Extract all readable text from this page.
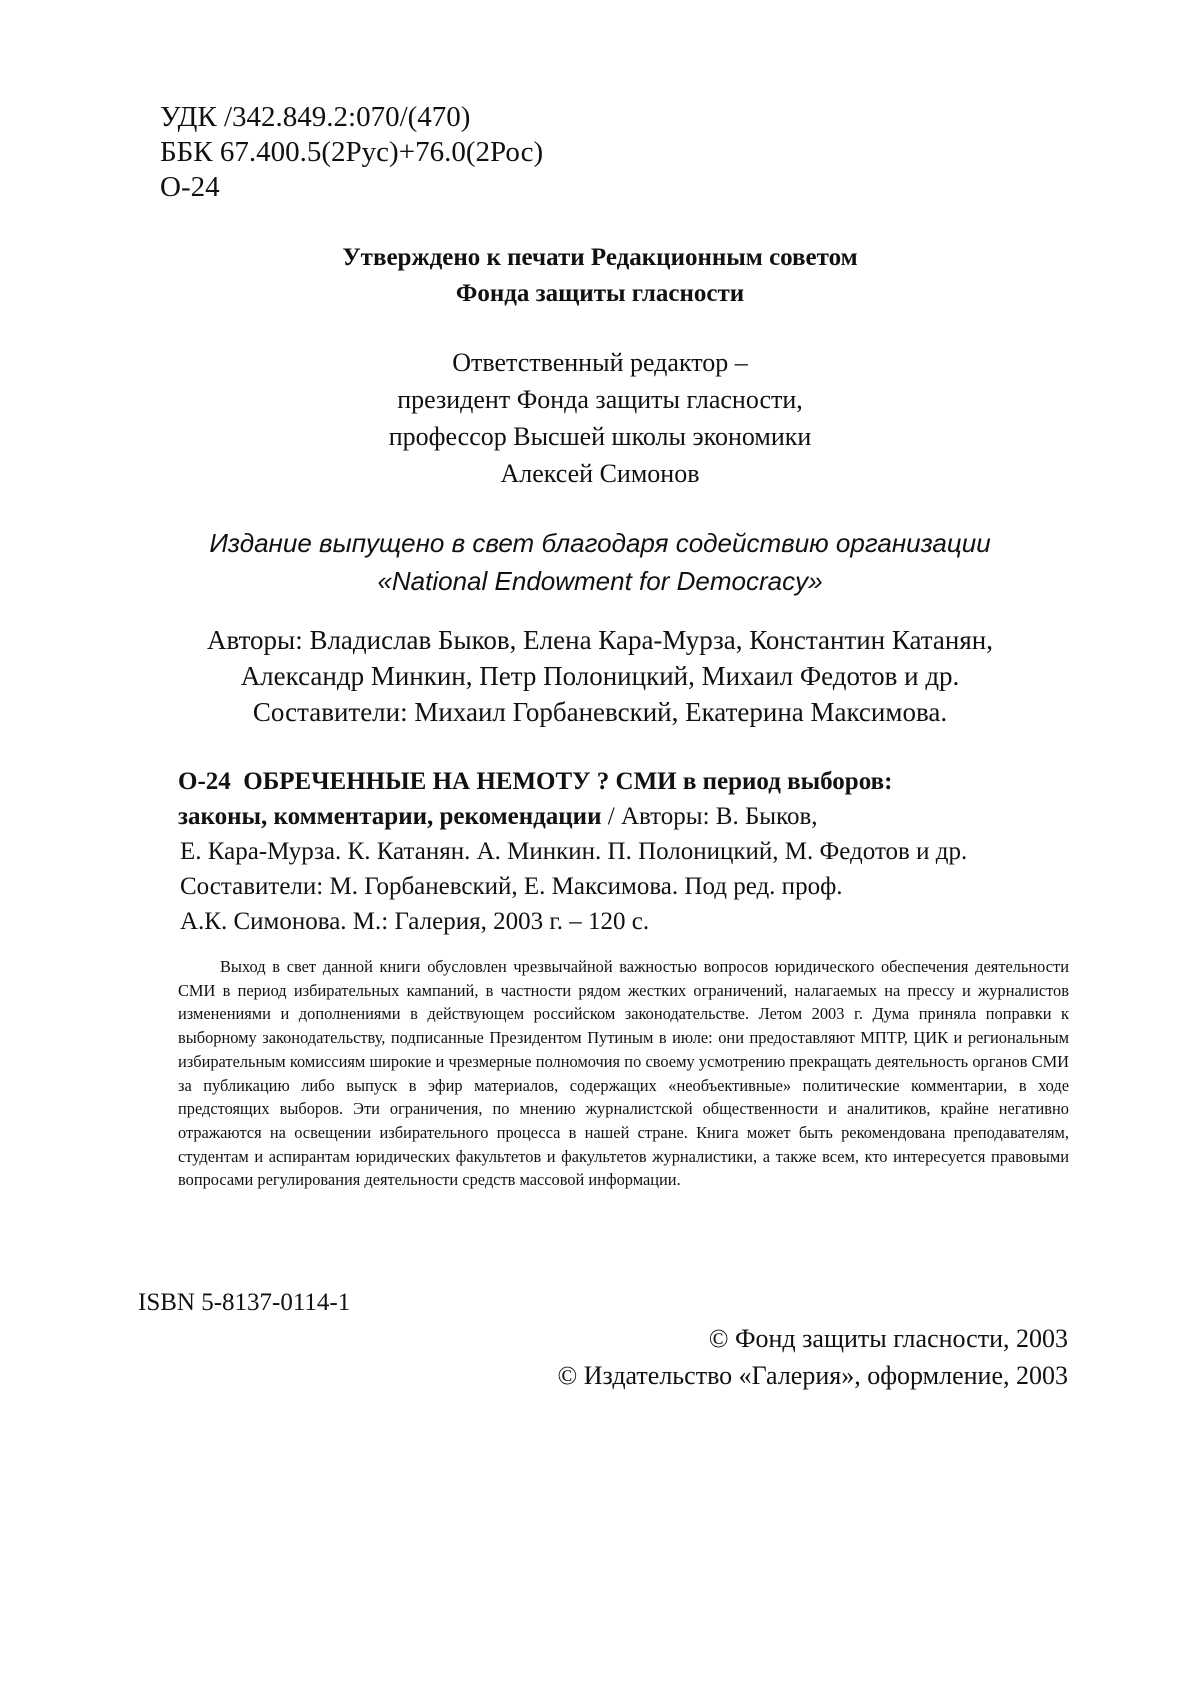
УДК /342.849.2:070/(470)
ББК 67.400.5(2Рус)+76.0(2Рос)
О-24
Утверждено к печати Редакционным советом
Фонда защиты гласности
Ответственный редактор –
президент Фонда защиты гласности,
профессор Высшей школы экономики
Алексей Симонов
Издание выпущено в свет благодаря содействию организации
«National Endowment for Democracy»
Авторы: Владислав Быков, Елена Кара-Мурза, Константин Катанян,
Александр Минкин, Петр Полоницкий, Михаил Федотов и др.
Составители: Михаил Горбаневский, Екатерина Максимова.
О-24 ОБРЕЧЕННЫЕ НА НЕМОТУ ? СМИ в период выборов:
законы, комментарии, рекомендации / Авторы: В. Быков,
Е. Кара-Мурза. К. Катанян. А. Минкин. П. Полоницкий, М. Федотов и др.
Составители: М. Горбаневский, Е. Максимова. Под ред. проф.
А.К. Симонова. М.: Галерия, 2003 г. – 120 с.
Выход в свет данной книги обусловлен чрезвычайной важностью вопросов юридического обеспечения деятельности СМИ в период избирательных кампаний, в частности рядом жестких ограничений, налагаемых на прессу и журналистов изменениями и дополнениями в действующем российском законодательстве. Летом 2003 г. Дума приняла поправки к выборному законодательству, подписанные Президентом Путиным в июле: они предоставляют МПТР, ЦИК и региональным избирательным комиссиям широкие и чрезмерные полномочия по своему усмотрению прекращать деятельность органов СМИ за публикацию либо выпуск в эфир материалов, содержащих «необъективные» политические комментарии, в ходе предстоящих выборов. Эти ограничения, по мнению журналистской общественности и аналитиков, крайне негативно отражаются на освещении избирательного процесса в нашей стране. Книга может быть рекомендована преподавателям, студентам и аспирантам юридических факультетов и факультетов журналистики, а также всем, кто интересуется правовыми вопросами регулирования деятельности средств массовой информации.
ISBN 5-8137-0114-1
© Фонд защиты гласности, 2003
© Издательство «Галерия», оформление, 2003
